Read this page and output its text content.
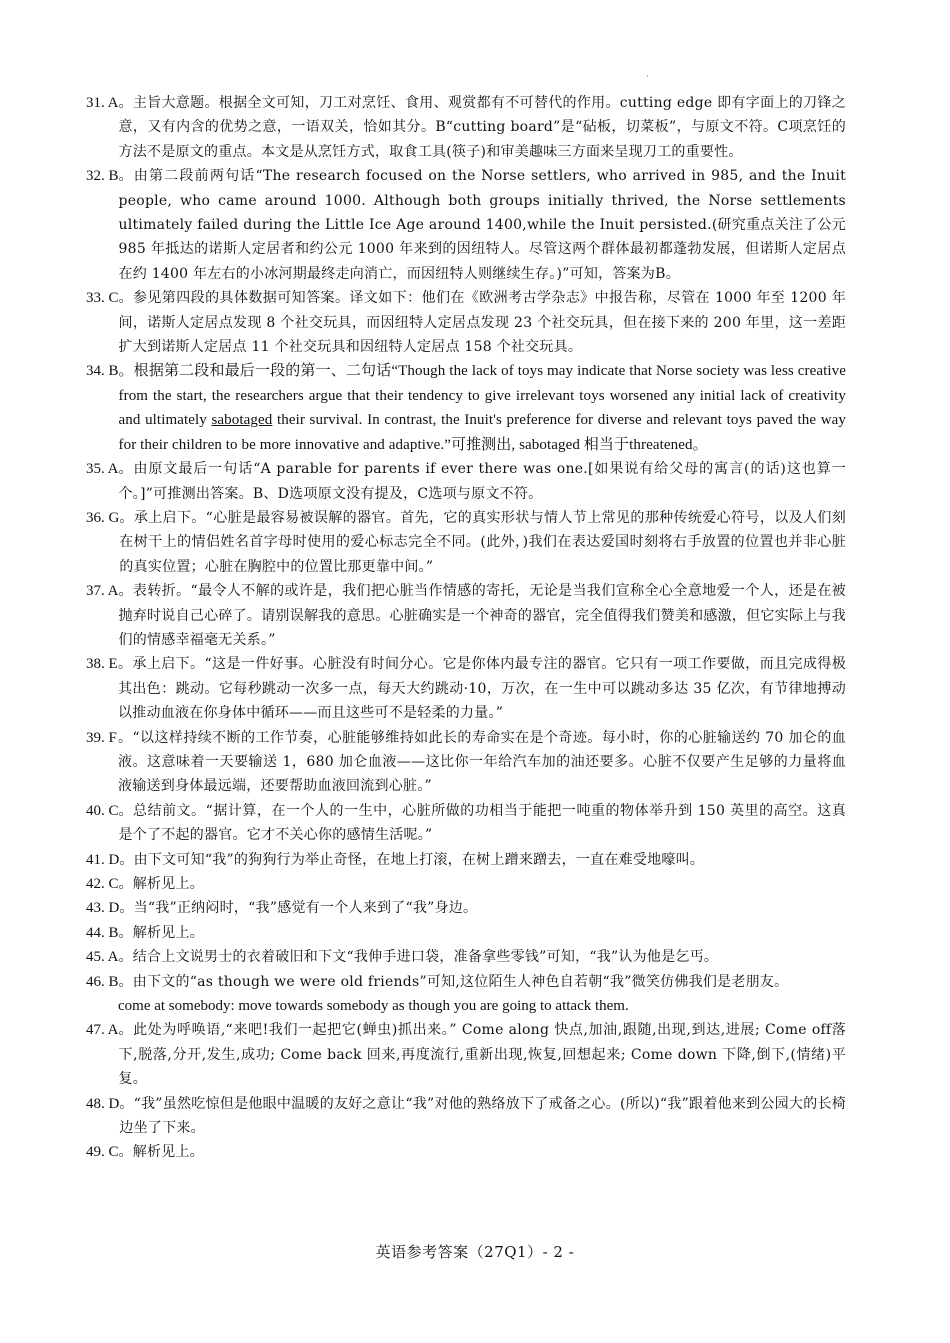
·
31. A 。主旨大意题。根据全文可知，刀工对烹饪、食用、观赏都有不可替代的作用。cutting edge 即有字面上的刀锋之意，又有内含的优势之意，一语双关，恰如其分。B“cutting board”是“砧板，切菜板”，与原文不符。C项烹饪的方法不是原文的重点。本文是从烹饪方式，取食工具(筷子)和审美趣味三方面来呈现刀工的重要性。
32. B 。由第二段前两句话“The research focused on the Norse settlers, who arrived in 985, and the Inuit people, who came around 1000. Although both groups initially thrived, the Norse settlements ultimately failed during the Little Ice Age around 1400,while the Inuit persisted.(研究重点关注了公元 985 年抵达的诺斯人定居者和约公元 1000 年来到的因纽特人。尽管这两个群体最初都蓬勃发展，但诺斯人定居点在约 1400 年左右的小冰河期最终走向消亡，而因纽特人则继续生存。)”可知，答案为B。
33. C 。参见第四段的具体数据可知答案。译文如下：他们在《欧洲考古学杂志》中报告称，尽管在 1000 年至 1200 年间，诺斯人定居点发现 8 个社交玩具，而因纽特人定居点发现 23 个社交玩具，但在接下来的 200 年里，这一差距扩大到诺斯人定居点 11 个社交玩具和因纽特人定居点 158 个社交玩具。
34. B 。根据第二段和最后一段的第一、二句话“Though the lack of toys may indicate that Norse society was less creative from the start, the researchers argue that their tendency to give irrelevant toys worsened any initial lack of creativity and ultimately sabotaged their survival. In contrast, the Inuit's preference for diverse and relevant toys paved the way for their children to be more innovative and adaptive.”可推测出, sabotaged 相当于threatened。
35. A 。由原文最后一句话“A parable for parents if ever there was one.[如果说有给父母的寓言(的话)这也算一个。]”可推测出答案。B、D选项原文没有提及，C选项与原文不符。
36. G 。承上启下。“心脏是最容易被误解的器官。首先，它的真实形状与情人节上常见的那种传统爱心符号，以及人们刻在树干上的情侣姓名首字母时使用的爱心标志完全不同。(此外，)我们在表达爱国时刻将右手放置的位置也并非心脏的真实位置；心脏在胸腔中的位置比那更靠中间。”
37. A 。表转折。“最令人不解的或许是，我们把心脏当作情感的寄托，无论是当我们宣称全心全意地爱一个人，还是在被抛弃时说自己心碎了。请别误解我的意思。心脏确实是一个神奇的器官，完全值得我们赞美和感激，但它实际上与我们的情感幸福毫无关系。”
38. E 。承上启下。“这是一件好事。心脏没有时间分心。它是你体内最专注的器官。它只有一项工作要做，而且完成得极其出色：跳动。它每秒跳动一次多一点，每天大约跳动·10，万次，在一生中可以跳动多达 35 亿次，有节律地搏动以推动血液在你身体中循环——而且这些可不是轻柔的力量。”
39. F 。“以这样持续不断的工作节奏，心脏能够维持如此长的寿命实在是个奇迹。每小时，你的心脏输送约 70 加仑的血液。这意味着一天要输送 1，680 加仑血液——这比你一年给汽车加的油还要多。心脏不仅要产生足够的力量将血液输送到身体最远端，还要帮助血液回流到心脏。”
40. C 。总结前文。“据计算，在一个人的一生中，心脏所做的功相当于能把一吨重的物体举升到 150 英里的高空。这真是个了不起的器官。它才不关心你的感情生活呢。”
41. D 。由下文可知“我”的狗狗行为举止奇怪，在地上打滚，在树上蹭来蹭去，一直在难受地嚎叫。
42. C 。解析见上。
43. D 。当“我”正纳闷时，“我”感觉有一个人来到了“我”身边。
44. B 。解析见上。
45. A 。结合上文说男士的衣着破旧和下文“我伸手进口袋，准备拿些零钱”可知，“我”认为他是乞丐。
46. B 。由下文的“as though we were old friends”可知,这位陌生人神色自若朝“我”微笑仿佛我们是老朋友。
come at somebody: move towards somebody as though you are going to attack them.
47. A 。此处为呼唤语,“来吧!我们一起把它(蝉虫)抓出来。” Come along 快点,加油,跟随,出现,到达,进展; Come off落下,脱落,分开,发生,成功; Come back 回来,再度流行,重新出现,恢复,回想起来; Come down 下降,倒下,(情绪)平复。
48. D 。“我”虽然吃惊但是他眼中温暖的友好之意让“我”对他的熟络放下了戒备之心。(所以)“我”跟着他来到公园大的长椅边坐了下来。
49. C 。解析见上。
英语参考答案（27Q1）- 2 -
